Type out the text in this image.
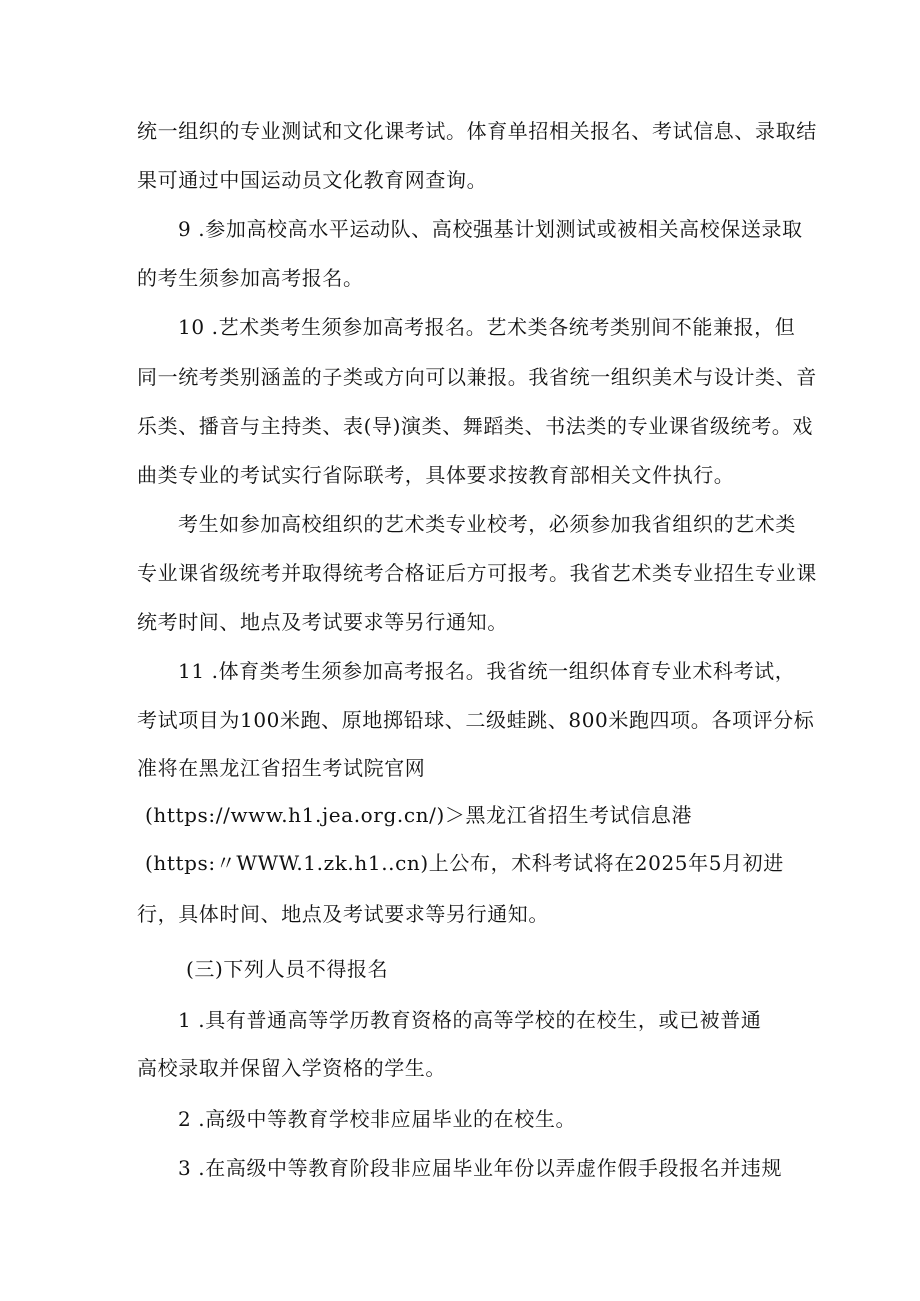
统一组织的专业测试和文化课考试。体育单招相关报名、考试信息、录取结
果可通过中国运动员文化教育网查询。
9 .参加高校高水平运动队、高校强基计划测试或被相关高校保送录取
的考生须参加高考报名。
10 .艺术类考生须参加高考报名。艺术类各统考类别间不能兼报，但
同一统考类别涵盖的子类或方向可以兼报。我省统一组织美术与设计类、音
乐类、播音与主持类、表(导)演类、舞蹈类、书法类的专业课省级统考。戏
曲类专业的考试实行省际联考，具体要求按教育部相关文件执行。
考生如参加高校组织的艺术类专业校考，必须参加我省组织的艺术类
专业课省级统考并取得统考合格证后方可报考。我省艺术类专业招生专业课
统考时间、地点及考试要求等另行通知。
11 .体育类考生须参加高考报名。我省统一组织体育专业术科考试，
考试项目为100米跑、原地掷铅球、二级蛙跳、800米跑四项。各项评分标
准将在黑龙江省招生考试院官网
(https://www.h1.jea.org.cn/)＞黑龙江省招生考试信息港
(https:〃WWW.1.zk.h1..cn)上公布，术科考试将在2025年5月初进
行，具体时间、地点及考试要求等另行通知。
(三)下列人员不得报名
1 .具有普通高等学历教育资格的高等学校的在校生，或已被普通
高校录取并保留入学资格的学生。
2 .高级中等教育学校非应届毕业的在校生。
3 .在高级中等教育阶段非应届毕业年份以弄虚作假手段报名并违规
